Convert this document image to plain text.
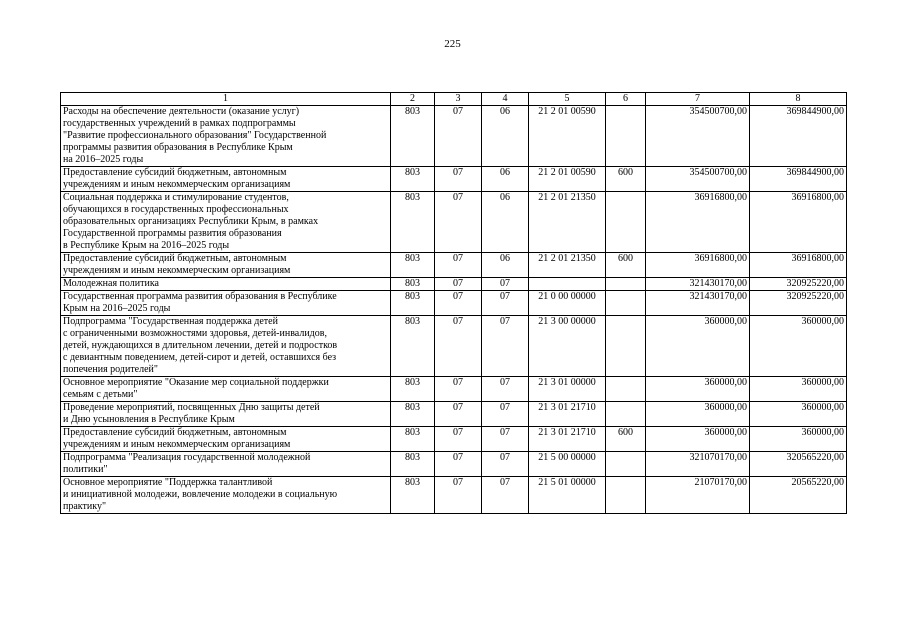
225
1	2	3	4	5	6	7	8
Расходы на обеспечение деятельности (оказание услуг)
государственных учреждений в рамках подпрограммы
"Развитие профессионального образования" Государственной
программы развития образования в Республике Крым
на 2016–2025 годы	803	07	06	21 2 01 00590		354500700,00	369844900,00
Предоставление субсидий бюджетным, автономным
учреждениям и иным некоммерческим организациям	803	07	06	21 2 01 00590	600	354500700,00	369844900,00
Социальная поддержка и стимулирование студентов,
обучающихся в государственных профессиональных
образовательных организациях Республики Крым, в рамках
Государственной программы развития образования
в Республике Крым на 2016–2025 годы	803	07	06	21 2 01 21350		36916800,00	36916800,00
Предоставление субсидий бюджетным, автономным
учреждениям и иным некоммерческим организациям	803	07	06	21 2 01 21350	600	36916800,00	36916800,00
Молодежная политика	803	07	07			321430170,00	320925220,00
Государственная программа развития образования в Республике
Крым на 2016–2025 годы	803	07	07	21 0 00 00000		321430170,00	320925220,00
Подпрограмма "Государственная поддержка детей
с ограниченными возможностями здоровья, детей-инвалидов,
детей, нуждающихся в длительном лечении, детей и подростков
с девиантным поведением, детей-сирот и детей, оставшихся без
попечения родителей"	803	07	07	21 3 00 00000		360000,00	360000,00
Основное мероприятие "Оказание мер социальной поддержки
семьям с детьми"	803	07	07	21 3 01 00000		360000,00	360000,00
Проведение мероприятий, посвященных Дню защиты детей
и Дню усыновления в Республике Крым	803	07	07	21 3 01 21710		360000,00	360000,00
Предоставление субсидий бюджетным, автономным
учреждениям и иным некоммерческим организациям	803	07	07	21 3 01 21710	600	360000,00	360000,00
Подпрограмма "Реализация государственной молодежной
политики"	803	07	07	21 5 00 00000		321070170,00	320565220,00
Основное мероприятие "Поддержка талантливой
и инициативной молодежи, вовлечение молодежи в социальную
практику"	803	07	07	21 5 01 00000		21070170,00	20565220,00
